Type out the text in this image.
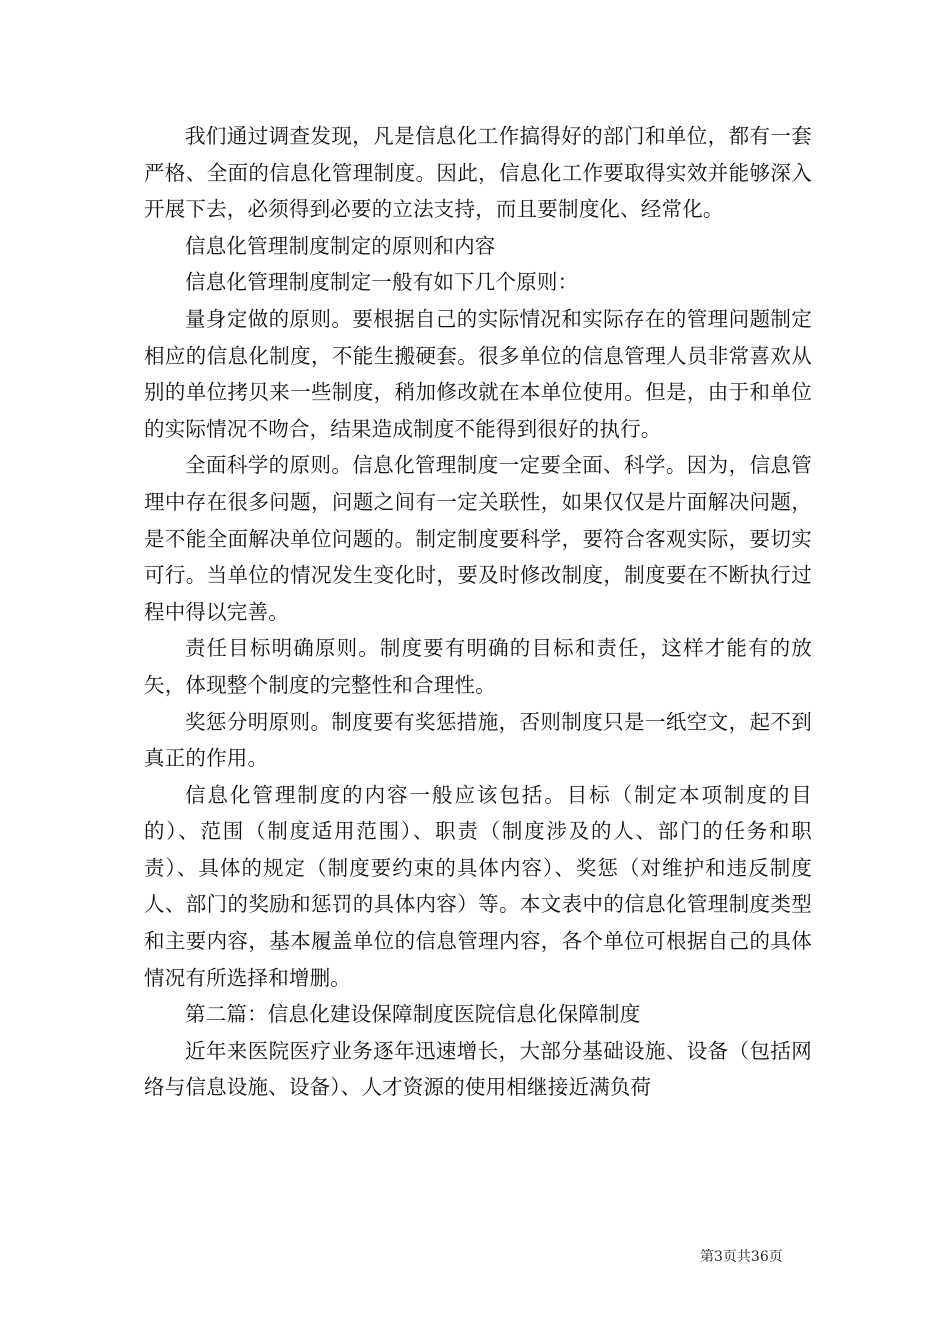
我们通过调查发现，凡是信息化工作搞得好的部门和单位，都有一套严格、全面的信息化管理制度。因此，信息化工作要取得实效并能够深入开展下去，必须得到必要的立法支持，而且要制度化、经常化。

信息化管理制度制定的原则和内容

信息化管理制度制定一般有如下几个原则：

量身定做的原则。要根据自己的实际情况和实际存在的管理问题制定相应的信息化制度，不能生搬硬套。很多单位的信息管理人员非常喜欢从别的单位拷贝来一些制度，稍加修改就在本单位使用。但是，由于和单位的实际情况不吻合，结果造成制度不能得到很好的执行。

全面科学的原则。信息化管理制度一定要全面、科学。因为，信息管理中存在很多问题，问题之间有一定关联性，如果仅仅是片面解决问题，是不能全面解决单位问题的。制定制度要科学，要符合客观实际，要切实可行。当单位的情况发生变化时，要及时修改制度，制度要在不断执行过程中得以完善。

责任目标明确原则。制度要有明确的目标和责任，这样才能有的放矢，体现整个制度的完整性和合理性。

奖惩分明原则。制度要有奖惩措施，否则制度只是一纸空文，起不到真正的作用。

信息化管理制度的内容一般应该包括。目标（制定本项制度的目的）、范围（制度适用范围）、职责（制度涉及的人、部门的任务和职责）、具体的规定（制度要约束的具体内容）、奖惩（对维护和违反制度人、部门的奖励和惩罚的具体内容）等。本文表中的信息化管理制度类型和主要内容，基本履盖单位的信息管理内容，各个单位可根据自己的具体情况有所选择和增删。

第二篇：信息化建设保障制度医院信息化保障制度

近年来医院医疗业务逐年迅速增长，大部分基础设施、设备（包括网络与信息设施、设备）、人才资源的使用相继接近满负荷

第3页共36页
